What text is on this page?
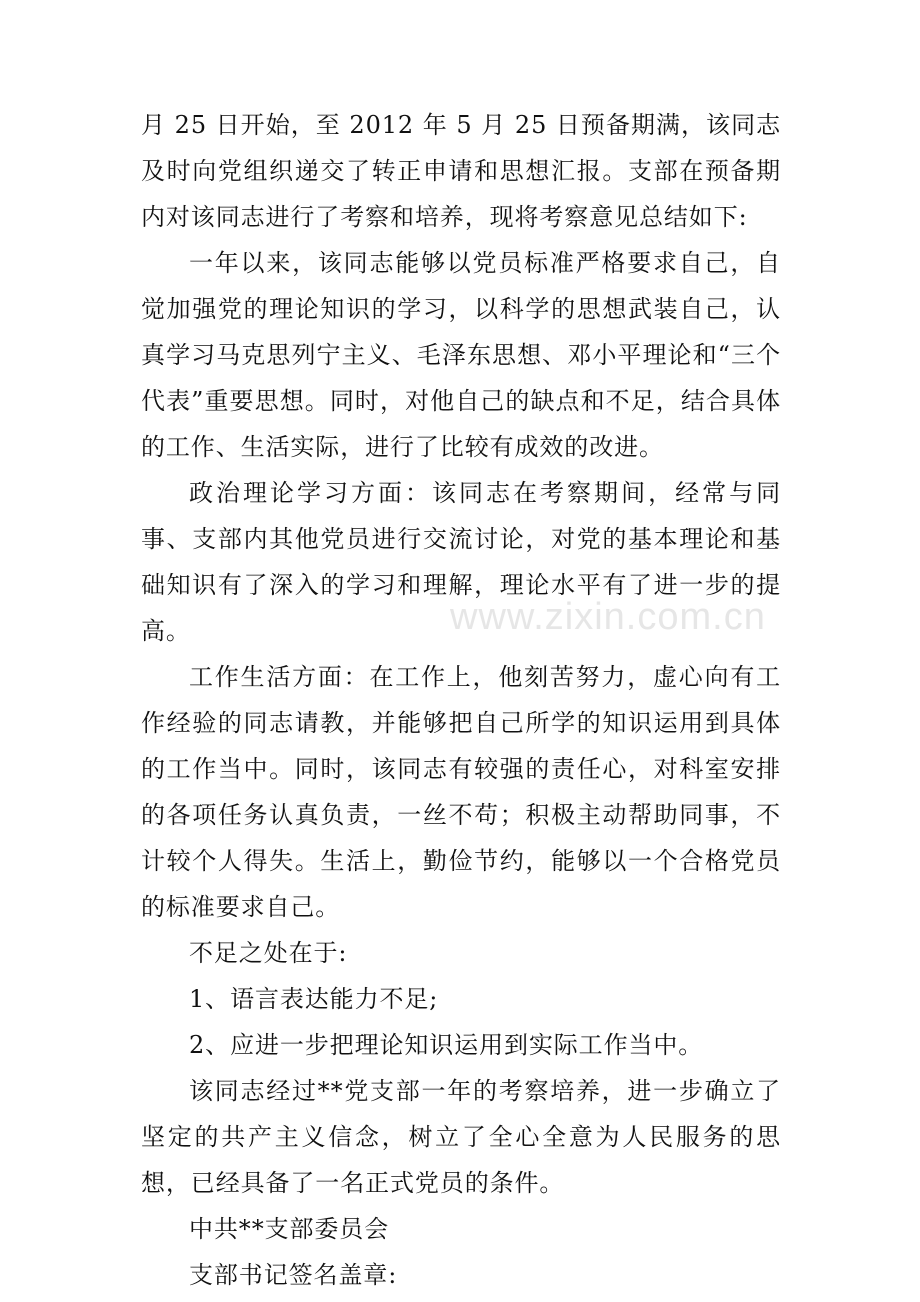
www.zixin.com.cn

月 25 日开始，至 2012 年 5 月 25 日预备期满，该同志及时向党组织递交了转正申请和思想汇报。支部在预备期内对该同志进行了考察和培养，现将考察意见总结如下:

一年以来，该同志能够以党员标准严格要求自己，自觉加强党的理论知识的学习，以科学的思想武装自己，认真学习马克思列宁主义、毛泽东思想、邓小平理论和“三个代表”重要思想。同时，对他自己的缺点和不足，结合具体的工作、生活实际，进行了比较有成效的改进。

政治理论学习方面：该同志在考察期间，经常与同事、支部内其他党员进行交流讨论，对党的基本理论和基础知识有了深入的学习和理解，理论水平有了进一步的提高。

工作生活方面：在工作上，他刻苦努力，虚心向有工作经验的同志请教，并能够把自己所学的知识运用到具体的工作当中。同时，该同志有较强的责任心，对科室安排的各项任务认真负责，一丝不苟；积极主动帮助同事，不计较个人得失。生活上，勤俭节约，能够以一个合格党员的标准要求自己。

不足之处在于:

1、语言表达能力不足;

2、应进一步把理论知识运用到实际工作当中。

该同志经过**党支部一年的考察培养，进一步确立了坚定的共产主义信念，树立了全心全意为人民服务的思想，已经具备了一名正式党员的条件。

中共**支部委员会

支部书记签名盖章:
